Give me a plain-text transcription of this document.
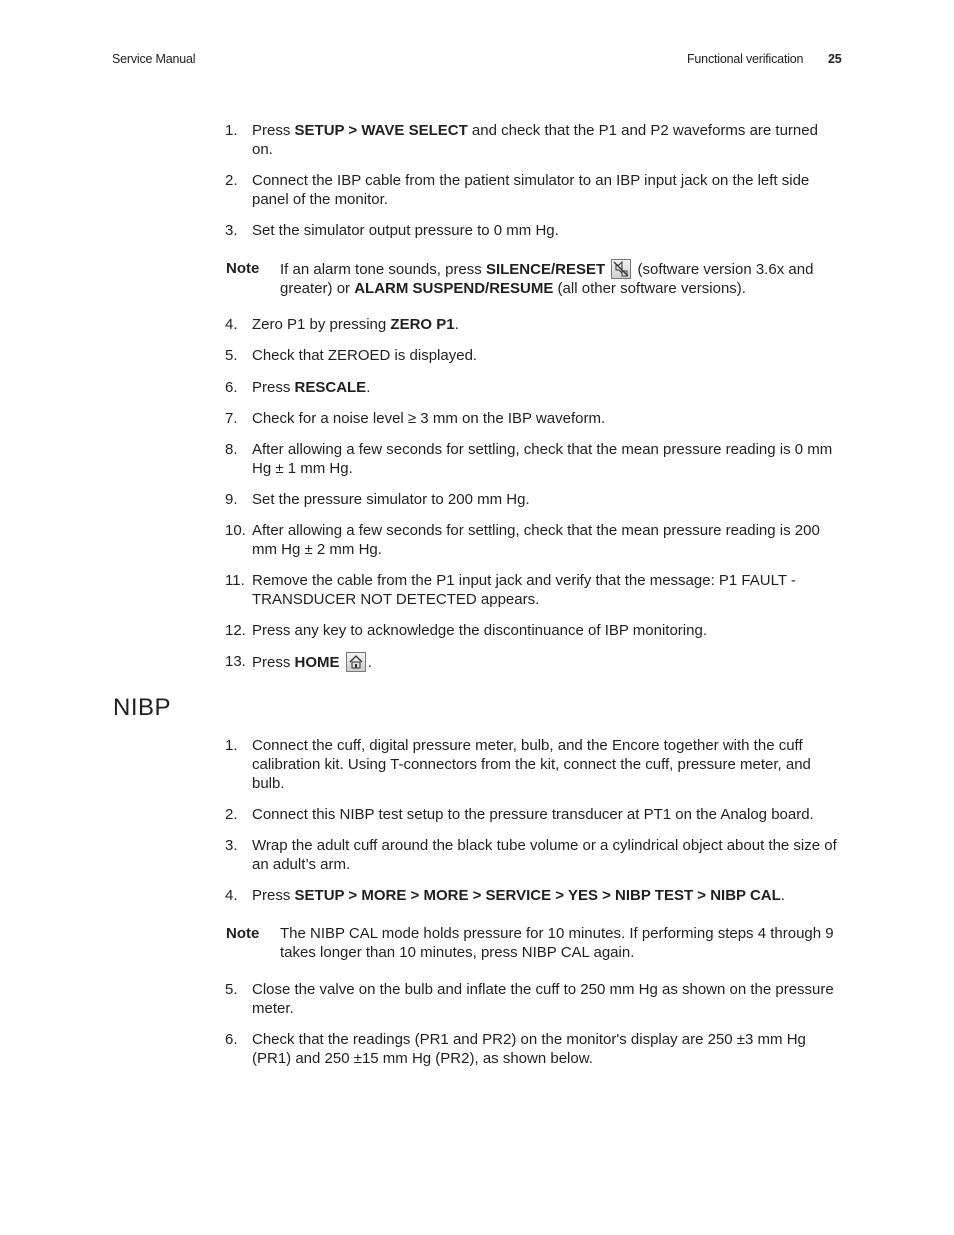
Service Manual	Functional verification 25
1. Press SETUP > WAVE SELECT and check that the P1 and P2 waveforms are turned on.
2. Connect the IBP cable from the patient simulator to an IBP input jack on the left side panel of the monitor.
3. Set the simulator output pressure to 0 mm Hg.
Note If an alarm tone sounds, press SILENCE/RESET (software version 3.6x and greater) or ALARM SUSPEND/RESUME (all other software versions).
4. Zero P1 by pressing ZERO P1.
5. Check that ZEROED is displayed.
6. Press RESCALE.
7. Check for a noise level ≥ 3 mm on the IBP waveform.
8. After allowing a few seconds for settling, check that the mean pressure reading is 0 mm Hg ± 1 mm Hg.
9. Set the pressure simulator to 200 mm Hg.
10. After allowing a few seconds for settling, check that the mean pressure reading is 200 mm Hg ± 2 mm Hg.
11. Remove the cable from the P1 input jack and verify that the message: P1 FAULT - TRANSDUCER NOT DETECTED appears.
12. Press any key to acknowledge the discontinuance of IBP monitoring.
13. Press HOME .
NIBP
1. Connect the cuff, digital pressure meter, bulb, and the Encore together with the cuff calibration kit. Using T-connectors from the kit, connect the cuff, pressure meter, and bulb.
2. Connect this NIBP test setup to the pressure transducer at PT1 on the Analog board.
3. Wrap the adult cuff around the black tube volume or a cylindrical object about the size of an adult’s arm.
4. Press SETUP > MORE > MORE > SERVICE > YES > NIBP TEST > NIBP CAL.
Note The NIBP CAL mode holds pressure for 10 minutes. If performing steps 4 through 9 takes longer than 10 minutes, press NIBP CAL again.
5. Close the valve on the bulb and inflate the cuff to 250 mm Hg as shown on the pressure meter.
6. Check that the readings (PR1 and PR2) on the monitor's display are 250 ±3 mm Hg (PR1) and 250 ±15 mm Hg (PR2), as shown below.
